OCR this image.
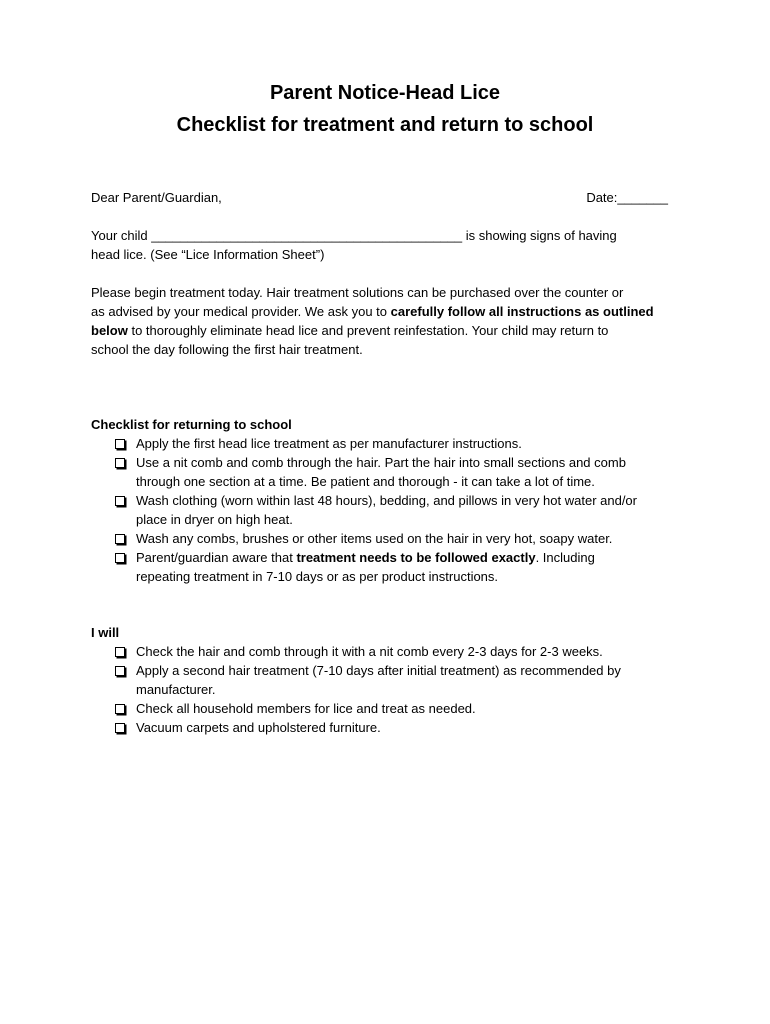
Parent Notice-Head Lice
Checklist for treatment and return to school
Dear Parent/Guardian,	Date:_______
Your child ___________________________________________ is showing signs of having
head lice. (See “Lice Information Sheet”)
Please begin treatment today. Hair treatment solutions can be purchased over the counter or
as advised by your medical provider. We ask you to carefully follow all instructions as outlined
below to thoroughly eliminate head lice and prevent reinfestation. Your child may return to
school the day following the first hair treatment.
Checklist for returning to school
Apply the first head lice treatment as per manufacturer instructions.
Use a nit comb and comb through the hair. Part the hair into small sections and comb
through one section at a time. Be patient and thorough - it can take a lot of time.
Wash clothing (worn within last 48 hours), bedding, and pillows in very hot water and/or
place in dryer on high heat.
Wash any combs, brushes or other items used on the hair in very hot, soapy water.
Parent/guardian aware that treatment needs to be followed exactly. Including
repeating treatment in 7-10 days or as per product instructions.
I will
Check the hair and comb through it with a nit comb every 2-3 days for 2-3 weeks.
Apply a second hair treatment (7-10 days after initial treatment) as recommended by
manufacturer.
Check all household members for lice and treat as needed.
Vacuum carpets and upholstered furniture.
